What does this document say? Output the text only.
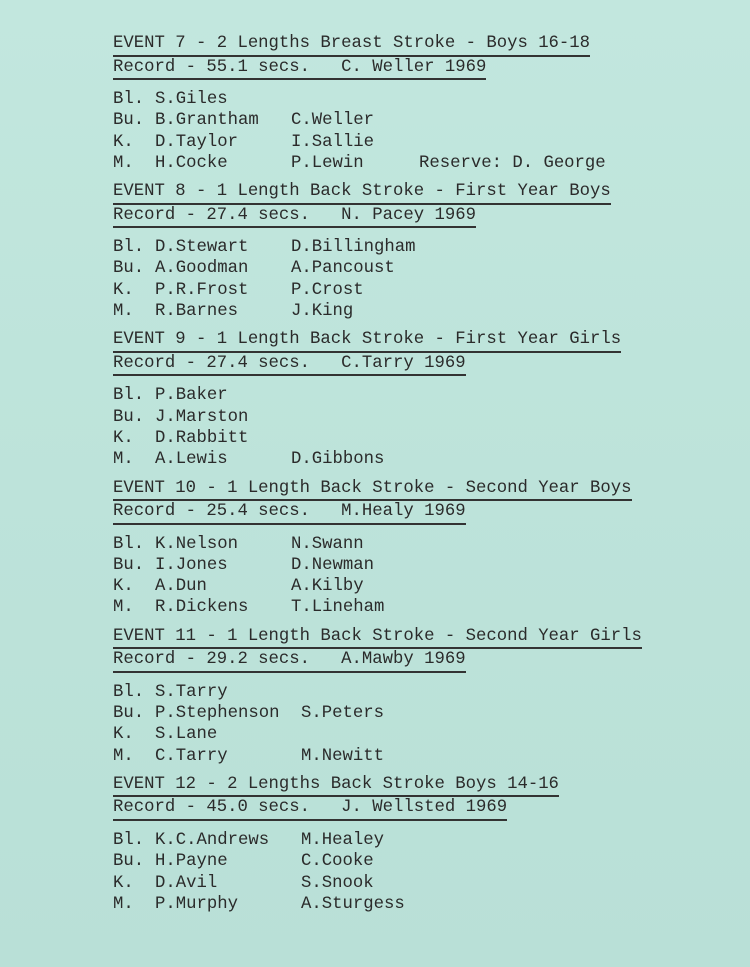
EVENT 7 - 2 Lengths Breast Stroke - Boys 16-18
Record - 55.1 secs.   C. Weller 1969
Bl. S.Giles
Bu. B.Grantham C.Weller
K. D.Taylor	I.Sallie
M. H.Cocke	P.Lewin	Reserve: D. George
EVENT 8 - 1 Length Back Stroke - First Year Boys
Record - 27.4 secs.   N. Pacey 1969
Bl. D.Stewart D.Billingham
Bu. A.Goodman A.Pancoust
K. P.R.Frost P.Crost
M. R.Barnes	J.King
EVENT 9 - 1 Length Back Stroke - First Year Girls
Record - 27.4 secs.   C.Tarry 1969
Bl. P.Baker
Bu. J.Marston
K. D.Rabbitt
M. A.Lewis	D.Gibbons
EVENT 10 - 1 Length Back Stroke - Second Year Boys
Record - 25.4 secs.   M.Healy 1969
Bl. K.Nelson	N.Swann
Bu. I.Jones	D.Newman
K. A.Dun	A.Kilby
M. R.Dickens T.Lineham
EVENT 11 - 1 Length Back Stroke - Second Year Girls
Record - 29.2 secs.   A.Mawby 1969
Bl. S.Tarry
Bu. P.Stephenson S.Peters
K. S.Lane
M. C.Tarry	M.Newitt
EVENT 12 - 2 Lengths Back Stroke Boys 14-16
Record - 45.0 secs.   J. Wellsted 1969
Bl. K.C.Andrews M.Healey
Bu. H.Payne	C.Cooke
K. D.Avil	S.Snook
M. P.Murphy	A.Sturgess
